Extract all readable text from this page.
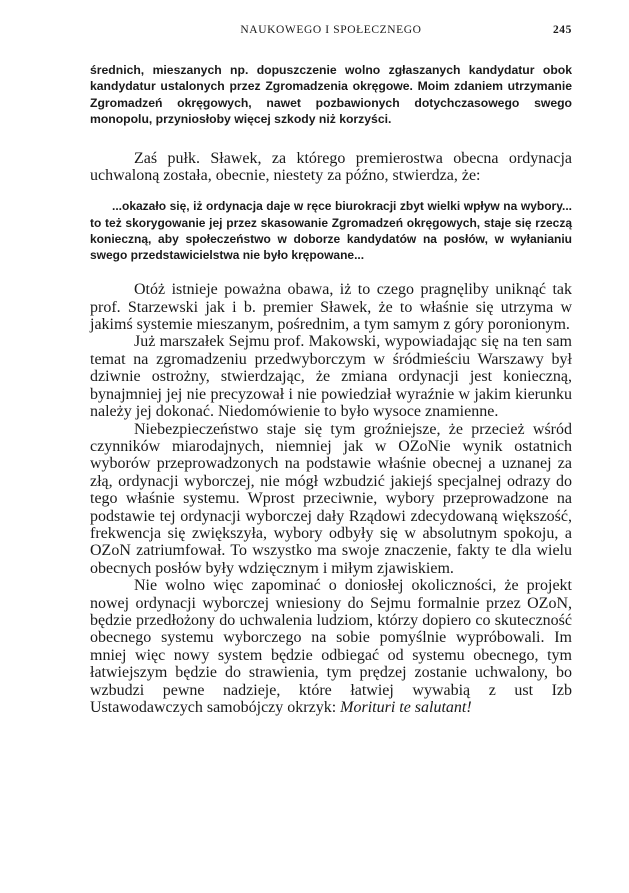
NAUKOWEGO I SPOŁECZNEGO	245

średnich, mieszanych np. dopuszczenie wolno zgłaszanych kandydatur obok kandydatur ustalonych przez Zgromadzenia okręgowe. Moim zdaniem utrzymanie Zgromadzeń okręgowych, nawet pozbawionych dotychczasowego swego monopolu, przyniosłoby więcej szkody niż korzyści.

Zaś pułk. Sławek, za którego premierostwa obecna ordynacja uchwaloną została, obecnie, niestety za późno, stwierdza, że:

...okazało się, iż ordynacja daje w ręce biurokracji zbyt wielki wpływ na wybory... to też skorygowanie jej przez skasowanie Zgromadzeń okręgowych, staje się rzeczą konieczną, aby społeczeństwo w doborze kandydatów na posłów, w wyłanianiu swego przedstawicielstwa nie było krępowane...

Otóż istnieje poważna obawa, iż to czego pragnęliby uniknąć tak prof. Starzewski jak i b. premier Sławek, że to właśnie się utrzyma w jakimś systemie mieszanym, pośrednim, a tym samym z góry poronionym.

Już marszałek Sejmu prof. Makowski, wypowiadając się na ten sam temat na zgromadzeniu przedwyborczym w śródmieściu Warszawy był dziwnie ostrożny, stwierdzając, że zmiana ordynacji jest konieczną, bynajmniej jej nie precyzował i nie powiedział wyraźnie w jakim kierunku należy jej dokonać. Niedomówienie to było wysoce znamienne.

Niebezpieczeństwo staje się tym groźniejsze, że przecież wśród czynników miarodajnych, niemniej jak w OZoNie wynik ostatnich wyborów przeprowadzonych na podstawie właśnie obecnej a uznanej za złą, ordynacji wyborczej, nie mógł wzbudzić jakiejś specjalnej odrazy do tego właśnie systemu. Wprost przeciwnie, wybory przeprowadzone na podstawie tej ordynacji wyborczej dały Rządowi zdecydowaną większość, frekwencja się zwiększyła, wybory odbyły się w absolutnym spokoju, a OZoN zatriumfował. To wszystko ma swoje znaczenie, fakty te dla wielu obecnych posłów były wdzięcznym i miłym zjawiskiem.

Nie wolno więc zapominać o doniosłej okoliczności, że projekt nowej ordynacji wyborczej wniesiony do Sejmu formalnie przez OZoN, będzie przedłożony do uchwalenia ludziom, którzy dopiero co skuteczność obecnego systemu wyborczego na sobie pomyślnie wypróbowali. Im mniej więc nowy system będzie odbiegać od systemu obecnego, tym łatwiejszym będzie do strawienia, tym prędzej zostanie uchwalony, bo wzbudzi pewne nadzieje, które łatwiej wywabią z ust Izb Ustawodawczych samobójczy okrzyk: Morituri te salutant!
